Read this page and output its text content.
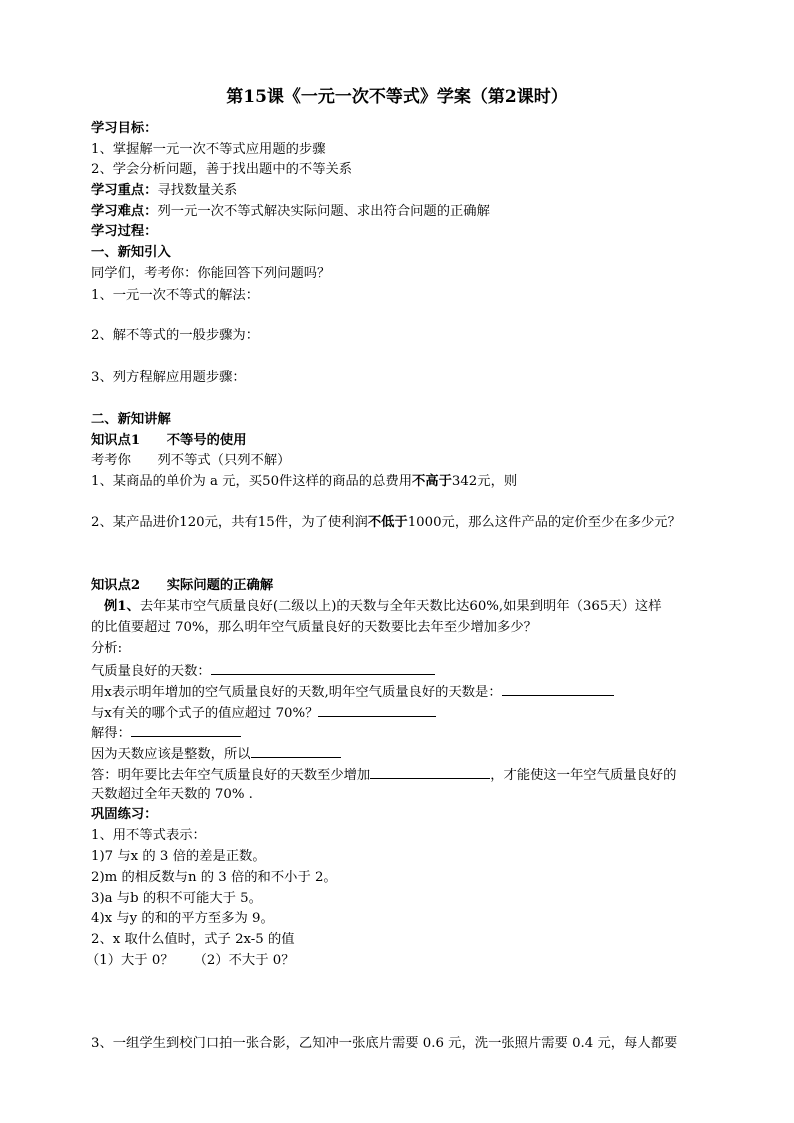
第15课《一元一次不等式》学案（第2课时）
学习目标：
1、掌握解一元一次不等式应用题的步骤
2、学会分析问题，善于找出题中的不等关系
学习重点：寻找数量关系
学习难点：列一元一次不等式解决实际问题、求出符合问题的正确解
学习过程：
一、新知引入
同学们，考考你：你能回答下列问题吗？
1、一元一次不等式的解法：
2、解不等式的一般步骤为：
3、列方程解应用题步骤：
二、新知讲解
知识点1　　不等号的使用
考考你　　列不等式（只列不解）
1、某商品的单价为 a 元，买50件这样的商品的总费用不高于342元，则
2、某产品进价120元，共有15件，为了使利润不低于1000元，那么这件产品的定价至少在多少元？
知识点2　　实际问题的正确解
例1、去年某市空气质量良好(二级以上)的天数与全年天数比达60%,如果到明年（365天）这样
的比值要超过 70%，那么明年空气质量良好的天数要比去年至少增加多少？
分析:
气质量良好的天数：
用x表示明年增加的空气质量良好的天数,明年空气质量良好的天数是：
与x有关的哪个式子的值应超过 70%？
解得：
因为天数应该是整数，所以
答：明年要比去年空气质量良好的天数至少增加	，才能使这一年空气质量良好的
天数超过全年天数的 70% .
巩固练习：
1、用不等式表示：
1)7 与x 的 3 倍的差是正数。
2)m 的相反数与n 的 3 倍的和不小于 2。
3)a 与b 的积不可能大于 5。
4)x 与y 的和的平方至多为 9。
2、x 取什么值时，式子 2x-5 的值
（1）大于 0？　　（2）不大于 0？
3、一组学生到校门口拍一张合影，乙知冲一张底片需要 0.6 元，洗一张照片需要 0.4 元，每人都要
